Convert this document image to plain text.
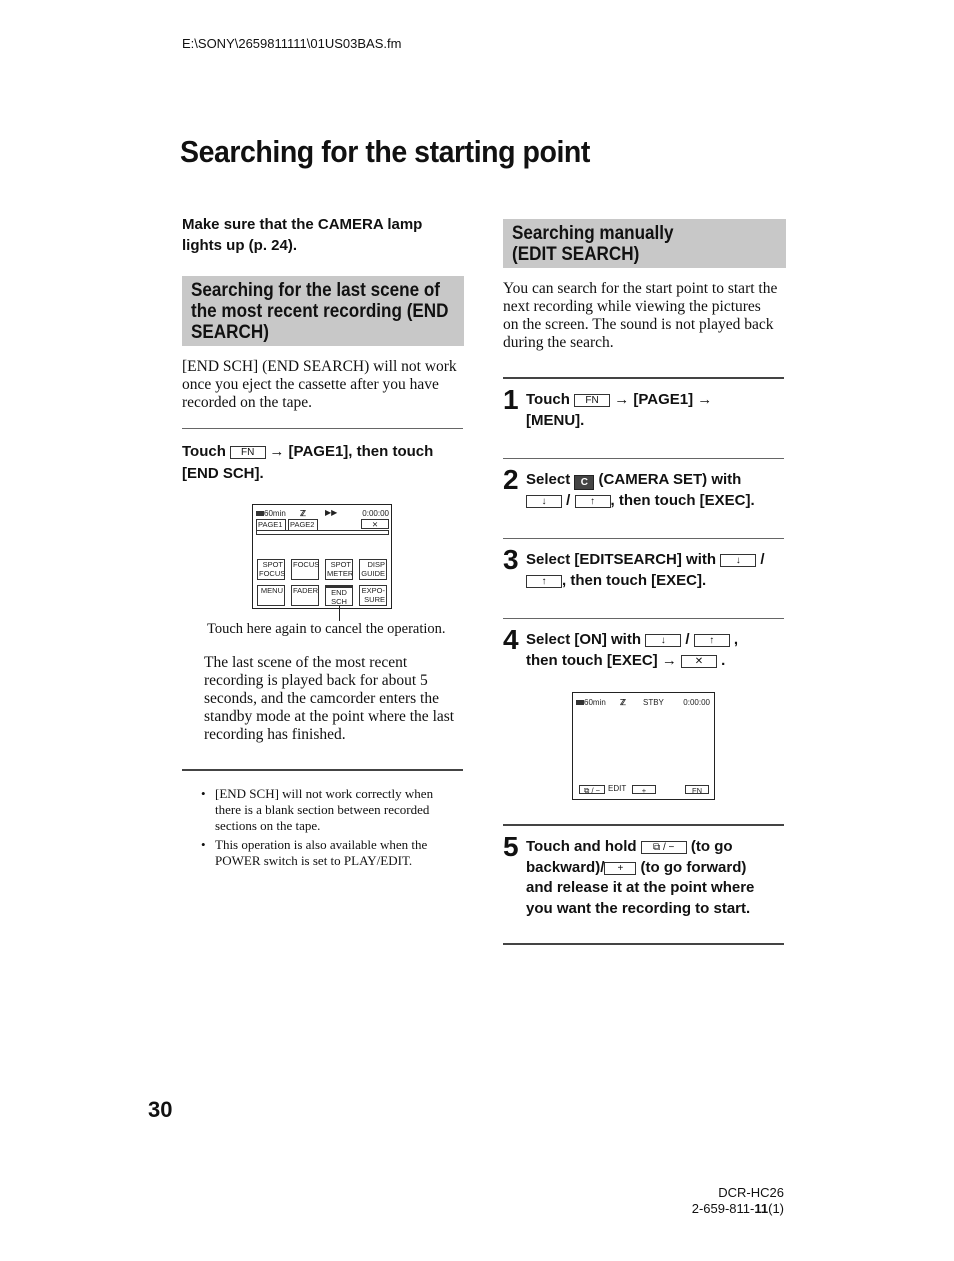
E:\SONY\2659811111\01US03BAS.fm
Searching for the starting point
Make sure that the CAMERA lamp lights up (p. 24).
Searching for the last scene of
the most recent recording (END
SEARCH)
[END SCH] (END SEARCH) will not work once you eject the cassette after you have recorded on the tape.
Touch FN → [PAGE1], then touch [END SCH].
60min ℤ ▶▶	0:00:00
PAGE1	PAGE2	✕
SPOT
FOCUS
FOCUS	SPOT
METER
DISP
GUIDE
MENU FADER	END
SCH
EXPO-
SURE
Touch here again to cancel the operation.
The last scene of the most recent recording is played back for about 5 seconds, and the camcorder enters the standby mode at the point where the last recording has finished.
• [END SCH] will not work correctly when there is a blank section between recorded sections on the tape.
• This operation is also available when the POWER switch is set to PLAY/EDIT.
Searching manually
(EDIT SEARCH)
You can search for the start point to start the next recording while viewing the pictures on the screen. The sound is not played back during the search.
1 Touch FN → [PAGE1] →
[MENU].
2 Select C (CAMERA SET) with
↓ / ↑ , then touch [EXEC].
3 Select [EDITSEARCH] with ↓ /
↑ , then touch [EXEC].
4 Select [ON] with ↓ / ↑ ,
then touch [EXEC] → ✕ .
60min ℤ STBY 0:00:00
⧉ / −	EDIT	+	FN
5 Touch and hold ⧉ / − (to go
backward)/ + (to go forward)
and release it at the point where
you want the recording to start.
30
DCR-HC26
2-659-811-11(1)
